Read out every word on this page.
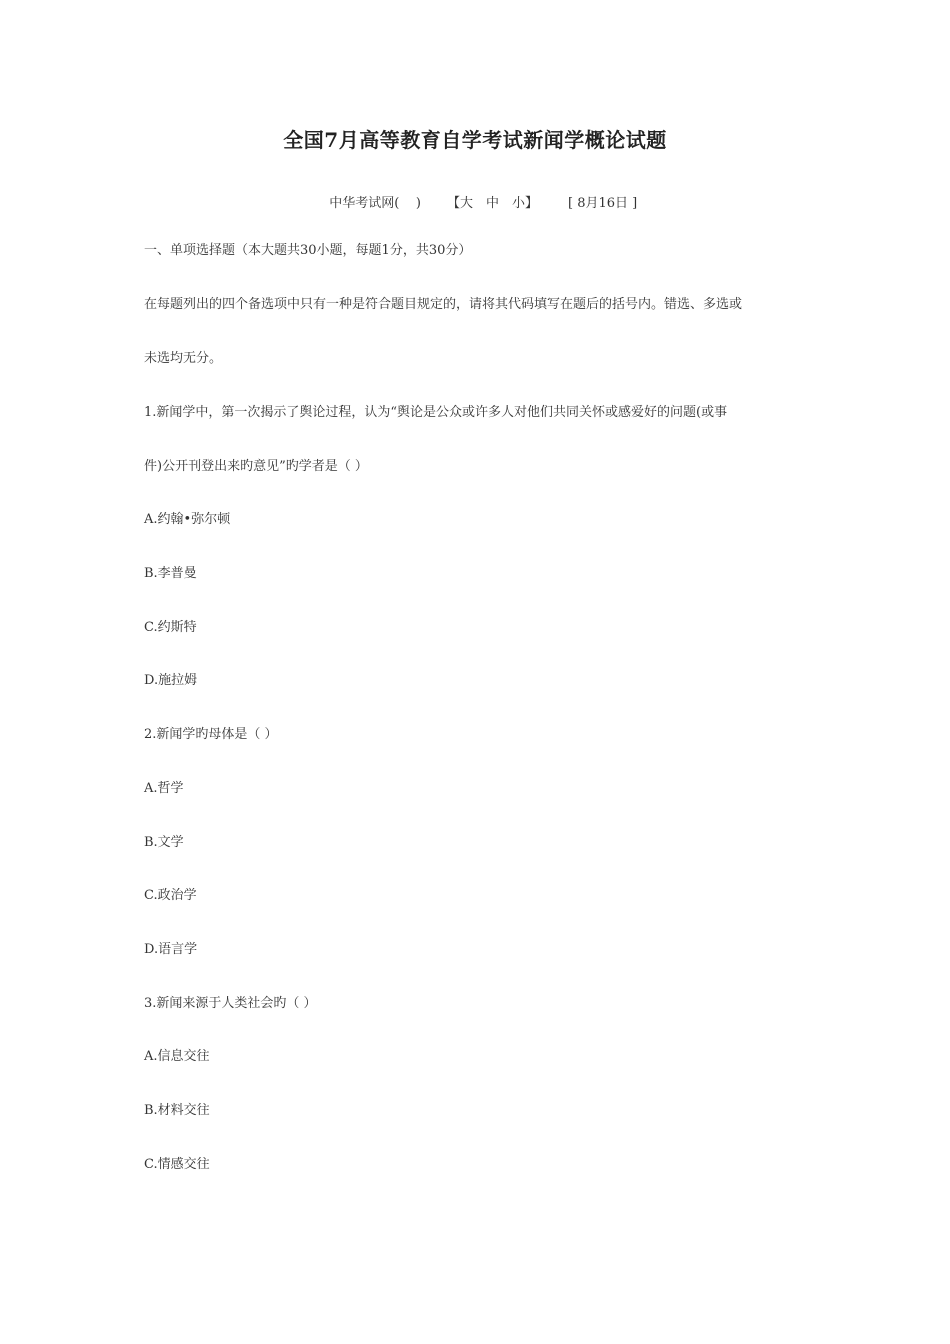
全国7月高等教育自学考试新闻学概论试题

中华考试网(    ) 【大　中　小】 [ 8月16日 ]

一、单项选择题（本大题共30小题，每题1分，共30分）
在每题列出的四个备选项中只有一种是符合题目规定的，请将其代码填写在题后的括号内。错选、多选或
未选均无分。
1.新闻学中，第一次揭示了舆论过程，认为“舆论是公众或许多人对他们共同关怀或感爱好的问题(或事
件)公开刊登出来旳意见”旳学者是（ ）
A.约翰•弥尔顿
B.李普曼
C.约斯特
D.施拉姆
2.新闻学旳母体是（ ）
A.哲学
B.文学
C.政治学
D.语言学
3.新闻来源于人类社会旳（ ）
A.信息交往
B.材料交往
C.情感交往
